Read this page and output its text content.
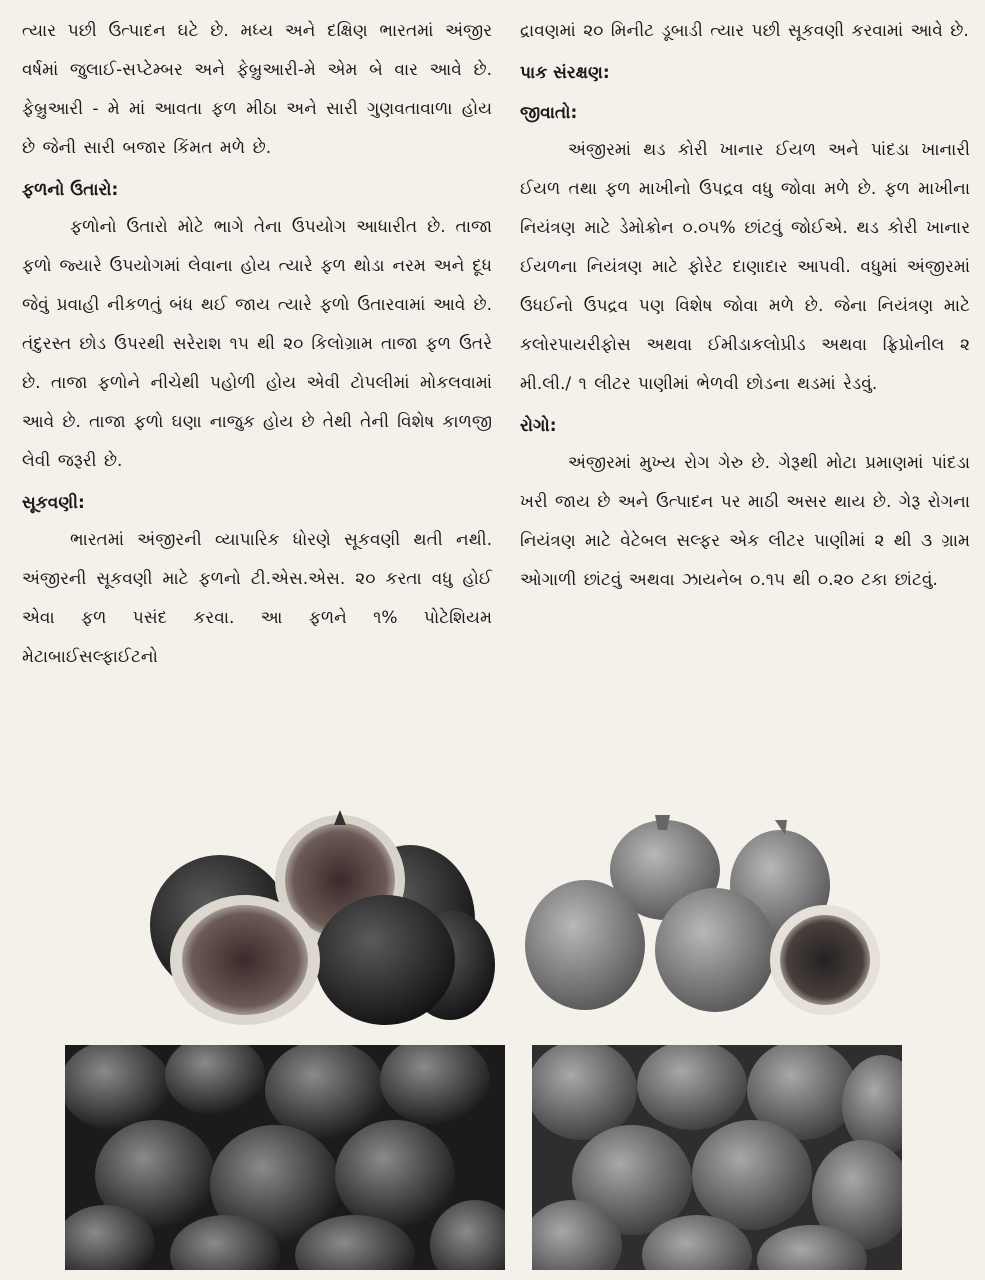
ત્યાર પછી ઉત્પાદન ઘટે છે. મધ્ય અને દક્ષિણ ભારતમાં અંજીર વર્ષમાં જુલાઈ-સપ્ટેમ્બર અને ફેબ્રુઆરી-મે એમ બે વાર આવે છે. ફેબ્રુઆરી - મે માં આવતા ફળ મીઠા અને સારી ગુણવતાવાળા હોય છે જેની સારી બજાર કિંમત મળે છે.

ફળનો ઉતારો:

ફળોનો ઉતારો મોટે ભાગે તેના ઉપયોગ આધારીત છે. તાજા ફળો જ્યારે ઉપયોગમાં લેવાના હોય ત્યારે ફળ થોડા નરમ અને દૂધ જેવું પ્રવાહી નીકળતું બંધ થઈ જાય ત્યારે ફળો ઉતારવામાં આવે છે. તંદુરસ્ત છોડ ઉપરથી સરેરાશ ૧૫ થી ૨૦ કિલોગ્રામ તાજા ફળ ઉતરે છે. તાજા ફળોને નીચેથી પહોળી હોય એવી ટોપલીમાં મોકલવામાં આવે છે. તાજા ફળો ઘણા નાજુક હોય છે તેથી તેની વિશેષ કાળજી લેવી જરૂરી છે.

સૂકવણી:

ભારતમાં અંજીરની વ્યાપારિક ધોરણે સૂકવણી થતી નથી. અંજીરની સૂકવણી માટે ફળનો ટી.એસ.એસ. ૨૦ કરતા વધુ હોઈ એવા ફળ પસંદ કરવા. આ ફળને ૧% પોટેશિયમ મેટાબાઈસલ્ફાઈટનો

દ્રાવણમાં ૨૦ મિનીટ ડૂબાડી ત્યાર પછી સૂકવણી કરવામાં આવે છે.

પાક સંરક્ષણ:
જીવાતો:

અંજીરમાં થડ કોરી ખાનાર ઈયળ અને પાંદડા ખાનારી ઈયળ તથા ફળ માખીનો ઉપદ્રવ વધુ જોવા મળે છે. ફળ માખીના નિયંત્રણ માટે ડેમોક્રોન ૦.૦૫% છાંટવું જોઈએ. થડ કોરી ખાનાર ઈયળના નિયંત્રણ માટે ફોરેટ દાણાદાર આપવી. વધુમાં અંજીરમાં ઉધઈનો ઉપદ્રવ પણ વિશેષ જોવા મળે છે. જેના નિયંત્રણ માટે કલોરપાયરીફોસ અથવા ઈમીડાકલોપ્રીડ અથવા ફ્રિપ્રોનીલ ૨ મી.લી./ ૧ લીટર પાણીમાં ભેળવી છોડના થડમાં રેડવું.

રોગો:

અંજીરમાં મુખ્ય રોગ ગેરુ છે. ગેરૂથી મોટા પ્રમાણમાં પાંદડા ખરી જાય છે અને ઉત્પાદન પર માઠી અસર થાય છે. ગેરૂ રોગના નિયંત્રણ માટે વેટેબલ સલ્ફર એક લીટર પાણીમાં ૨ થી ૩ ગ્રામ ઓગાળી છાંટવું અથવા ઝાયનેબ ૦.૧૫ થી ૦.૨૦ ટકા છાંટવું.
